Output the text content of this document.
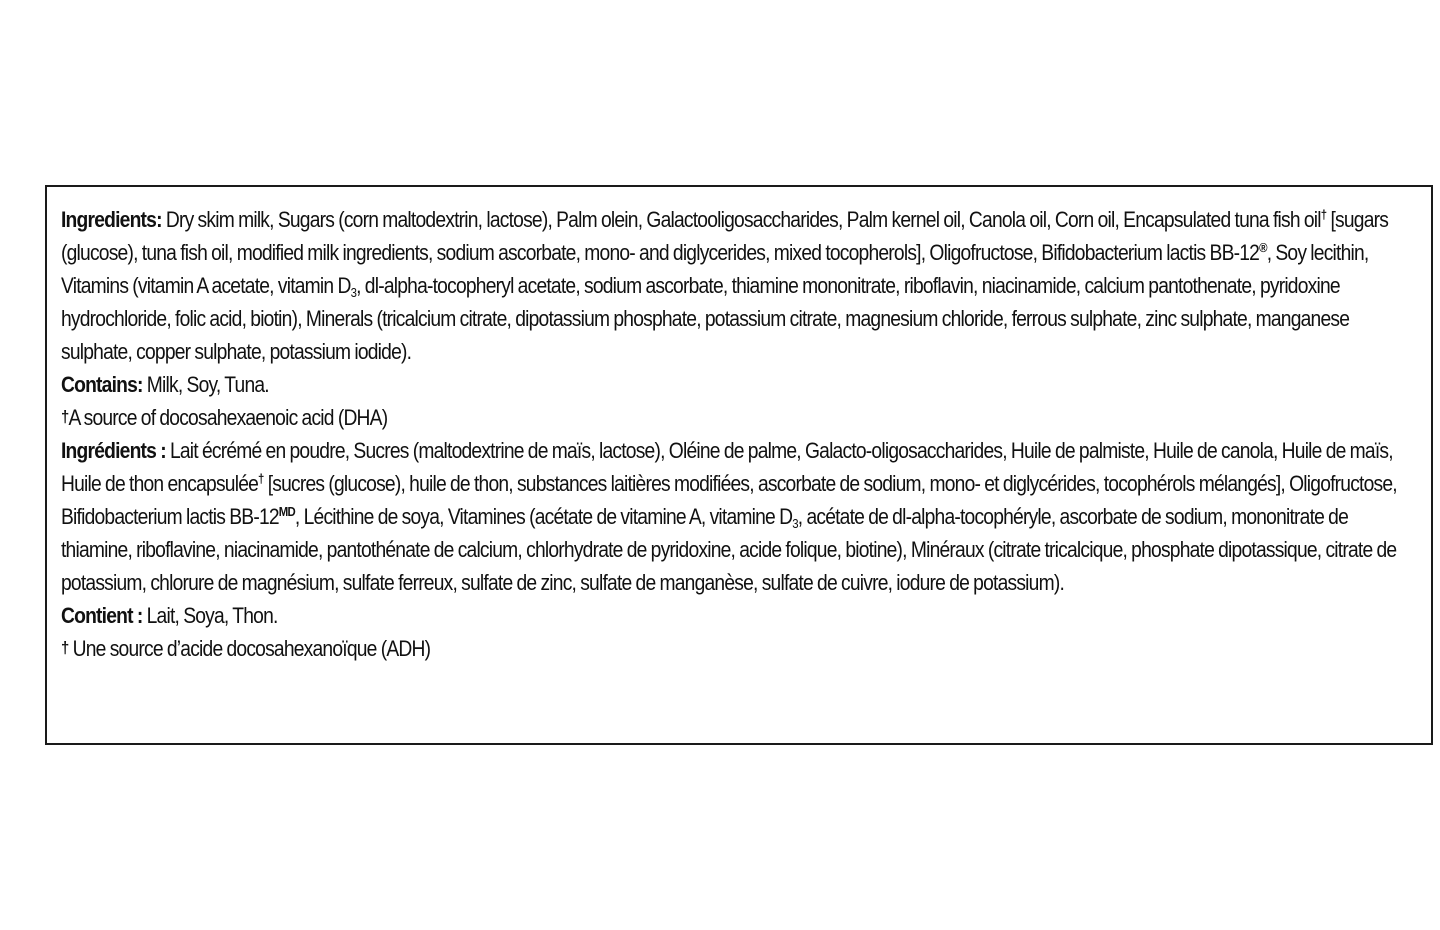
Ingredients: Dry skim milk, Sugars (corn maltodextrin, lactose), Palm olein, Galactooligosaccharides, Palm kernel oil, Canola oil, Corn oil, Encapsulated tuna fish oil† [sugars (glucose), tuna fish oil, modified milk ingredients, sodium ascorbate, mono- and diglycerides, mixed tocopherols], Oligofructose, Bifidobacterium lactis BB-12®, Soy lecithin, Vitamins (vitamin A acetate, vitamin $D_3$, dl-alpha-tocopheryl acetate, sodium ascorbate, thiamine mononitrate, riboflavin, niacinamide, calcium pantothenate, pyridoxine hydrochloride, folic acid, biotin), Minerals (tricalcium citrate, dipotassium phosphate, potassium citrate, magnesium chloride, ferrous sulphate, zinc sulphate, manganese sulphate, copper sulphate, potassium iodide).

Contains: Milk, Soy, Tuna.

†A source of docosahexaenoic acid (DHA)

Ingrédients : Lait écrémé en poudre, Sucres (maltodextrine de maïs, lactose), Oléine de palme, Galacto-oligosaccharides, Huile de palmiste, Huile de canola, Huile de maïs, Huile de thon encapsulée† [sucres (glucose), huile de thon, substances laitières modifiées, ascorbate de sodium, mono- et diglycérides, tocophérols mélangés], Oligofructose, Bifidobacterium lactis $BB-12^{MD}$, Lécithine de soya, Vitamines (acétate de vitamine A, vitamine $D_3$, acétate de dl-alpha-tocophéryle, ascorbate de sodium, mononitrate de thiamine, riboflavine, niacinamide, pantothénate de calcium, chlorhydrate de pyridoxine, acide folique, biotine), Minéraux (citrate tricalcique, phosphate dipotassique, citrate de potassium, chlorure de magnésium, sulfate ferreux, sulfate de zinc, sulfate de manganèse, sulfate de cuivre, iodure de potassium).

Contient : Lait, Soya, Thon.

† Une source d’acide docosahexanoïque (ADH)
